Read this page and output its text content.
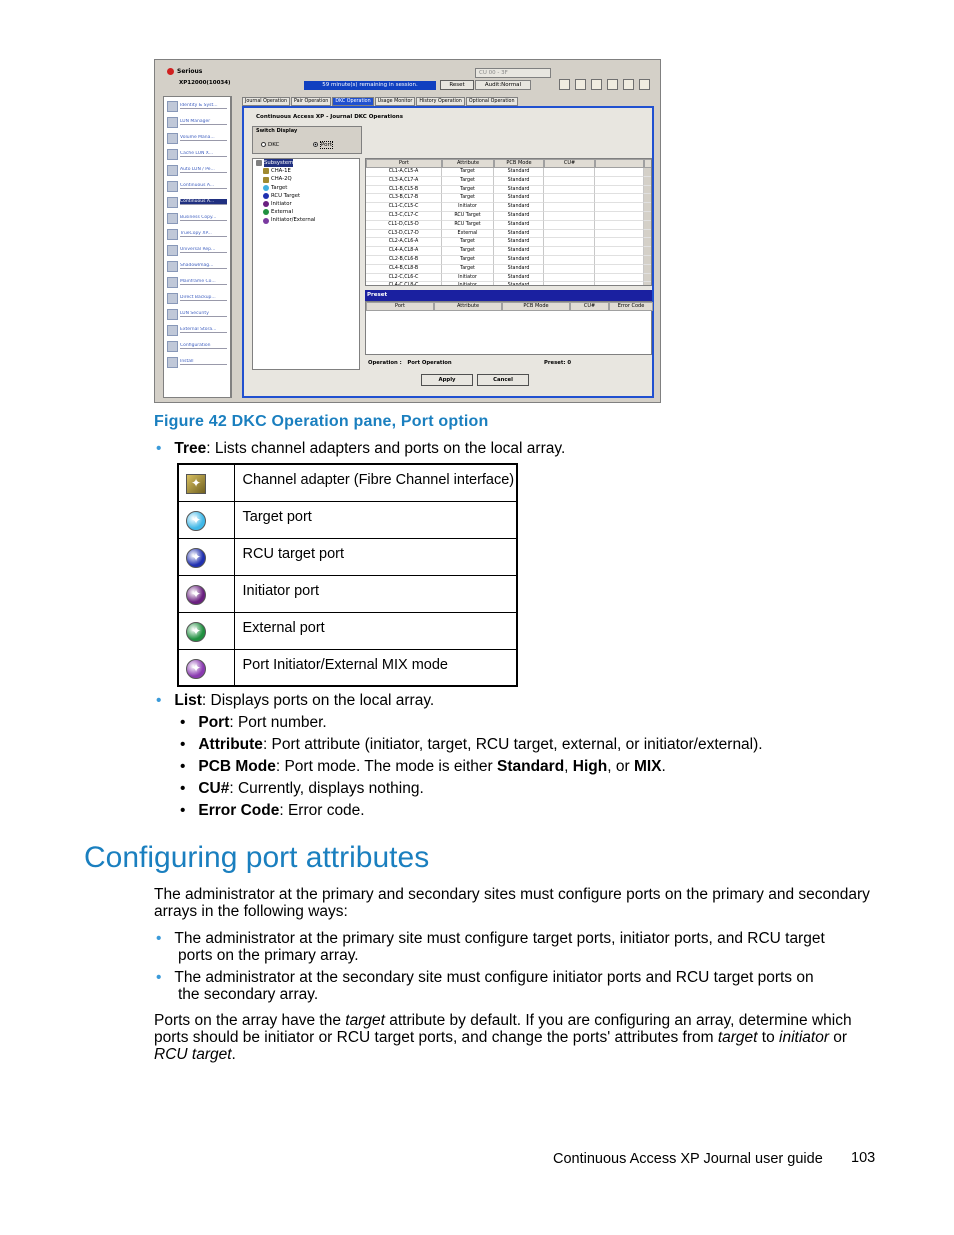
Serious
XP12000(10034)
CU 00 - 3F
59 minute(s) remaining in session.	Reset	Audit:Normal
Identity & Syst...
LUN Manager
Volume Mana...
Cache LUN X...
Auto LUN / Pe...
Continuous A...
Continuous A...
Business Copy...
TrueCopy XP...
Universal Rep...
ShadowImag...
Mainframe Co...
Direct Backup...
LUN Security
External Stora...
Configuration
Install
Journal Operation	Pair Operation	DKC Operation	Usage Monitor	History Operation	Optional Operation
Continuous Access XP - Journal DKC Operations
Switch Display
DKC	Port
Subsystem
CHA-1E
CHA-2Q
Target
RCU Target
Initiator
External
Initiator/External
Port	Attribute	PCB Mode	CU#
CL1-A,CL5-A	Target	Standard
CL3-A,CL7-A	Target	Standard
CL1-B,CL5-B	Target	Standard
CL3-B,CL7-B	Target	Standard
CL1-C,CL5-C	Initiator	Standard
CL3-C,CL7-C	RCU Target	Standard
CL1-D,CL5-D	RCU Target	Standard
CL3-D,CL7-D	External	Standard
CL2-A,CL6-A	Target	Standard
CL4-A,CL8-A	Target	Standard
CL2-B,CL6-B	Target	Standard
CL4-B,CL8-B	Target	Standard
CL2-C,CL6-C	Initiator	Standard
CL4-C,CL8-C	Initiator	Standard
Preset
Port	Attribute	PCB Mode	CU#	Error Code
Operation : Port Operation	Preset: 0
Apply	Cancel
Figure 42 DKC Operation pane, Port option
• Tree: Lists channel adapters and ports on the local array.
✦	Channel adapter (Fibre Channel interface)
✦	Target port
✦	RCU target port
✦	Initiator port
✦	External port
✦	Port Initiator/External MIX mode
• List: Displays ports on the local array.
•   Port: Port number.
•   Attribute: Port attribute (initiator, target, RCU target, external, or initiator/external).
•   PCB Mode: Port mode. The mode is either Standard, High, or MIX.
•   CU#: Currently, displays nothing.
•   Error Code: Error code.
Configuring port attributes
The administrator at the primary and secondary sites must configure ports on the primary and secondary
arrays in the following ways:
• The administrator at the primary site must configure target ports, initiator ports, and RCU target
ports on the primary array.
• The administrator at the secondary site must configure initiator ports and RCU target ports on
the secondary array.
Ports on the array have the target attribute by default. If you are configuring an array, determine which
ports should be initiator or RCU target ports, and change the ports' attributes from target to initiator or
RCU target.
Continuous Access XP Journal user guide 103
